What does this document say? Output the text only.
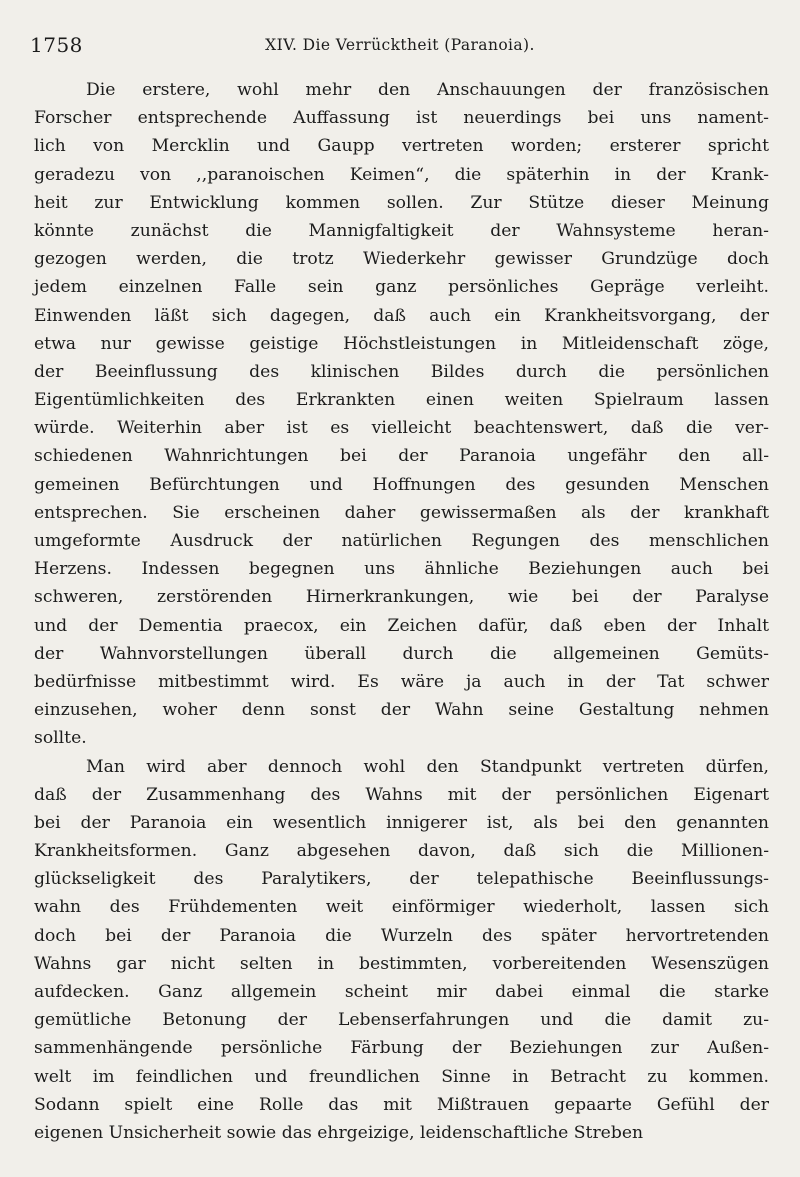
1758	XIV. Die Verrücktheit (Paranoia).
Die erstere, wohl mehr den Anschauungen der französischen
Forscher entsprechende Auffassung ist neuerdings bei uns nament-
lich von Mercklin und Gaupp vertreten worden; ersterer spricht
geradezu von ,,paranoischen Keimen“, die späterhin in der Krank-
heit zur Entwicklung kommen sollen. Zur Stütze dieser Meinung
könnte zunächst die Mannigfaltigkeit der Wahnsysteme heran-
gezogen werden, die trotz Wiederkehr gewisser Grundzüge doch
jedem einzelnen Falle sein ganz persönliches Gepräge verleiht.
Einwenden läßt sich dagegen, daß auch ein Krankheitsvorgang, der
etwa nur gewisse geistige Höchstleistungen in Mitleidenschaft zöge,
der Beeinflussung des klinischen Bildes durch die persönlichen
Eigentümlichkeiten des Erkrankten einen weiten Spielraum lassen
würde. Weiterhin aber ist es vielleicht beachtenswert, daß die ver-
schiedenen Wahnrichtungen bei der Paranoia ungefähr den all-
gemeinen Befürchtungen und Hoffnungen des gesunden Menschen
entsprechen. Sie erscheinen daher gewissermaßen als der krankhaft
umgeformte Ausdruck der natürlichen Regungen des menschlichen
Herzens. Indessen begegnen uns ähnliche Beziehungen auch bei
schweren, zerstörenden Hirnerkrankungen, wie bei der Paralyse
und der Dementia praecox, ein Zeichen dafür, daß eben der Inhalt
der Wahnvorstellungen überall durch die allgemeinen Gemüts-
bedürfnisse mitbestimmt wird. Es wäre ja auch in der Tat schwer
einzusehen, woher denn sonst der Wahn seine Gestaltung nehmen
sollte.
Man wird aber dennoch wohl den Standpunkt vertreten dürfen,
daß der Zusammenhang des Wahns mit der persönlichen Eigenart
bei der Paranoia ein wesentlich innigerer ist, als bei den genannten
Krankheitsformen. Ganz abgesehen davon, daß sich die Millionen-
glückseligkeit des Paralytikers, der telepathische Beeinflussungs-
wahn des Frühdementen weit einförmiger wiederholt, lassen sich
doch bei der Paranoia die Wurzeln des später hervortretenden
Wahns gar nicht selten in bestimmten, vorbereitenden Wesenszügen
aufdecken. Ganz allgemein scheint mir dabei einmal die starke
gemütliche Betonung der Lebenserfahrungen und die damit zu-
sammenhängende persönliche Färbung der Beziehungen zur Außen-
welt im feindlichen und freundlichen Sinne in Betracht zu kommen.
Sodann spielt eine Rolle das mit Mißtrauen gepaarte Gefühl der
eigenen Unsicherheit sowie das ehrgeizige, leidenschaftliche Streben
